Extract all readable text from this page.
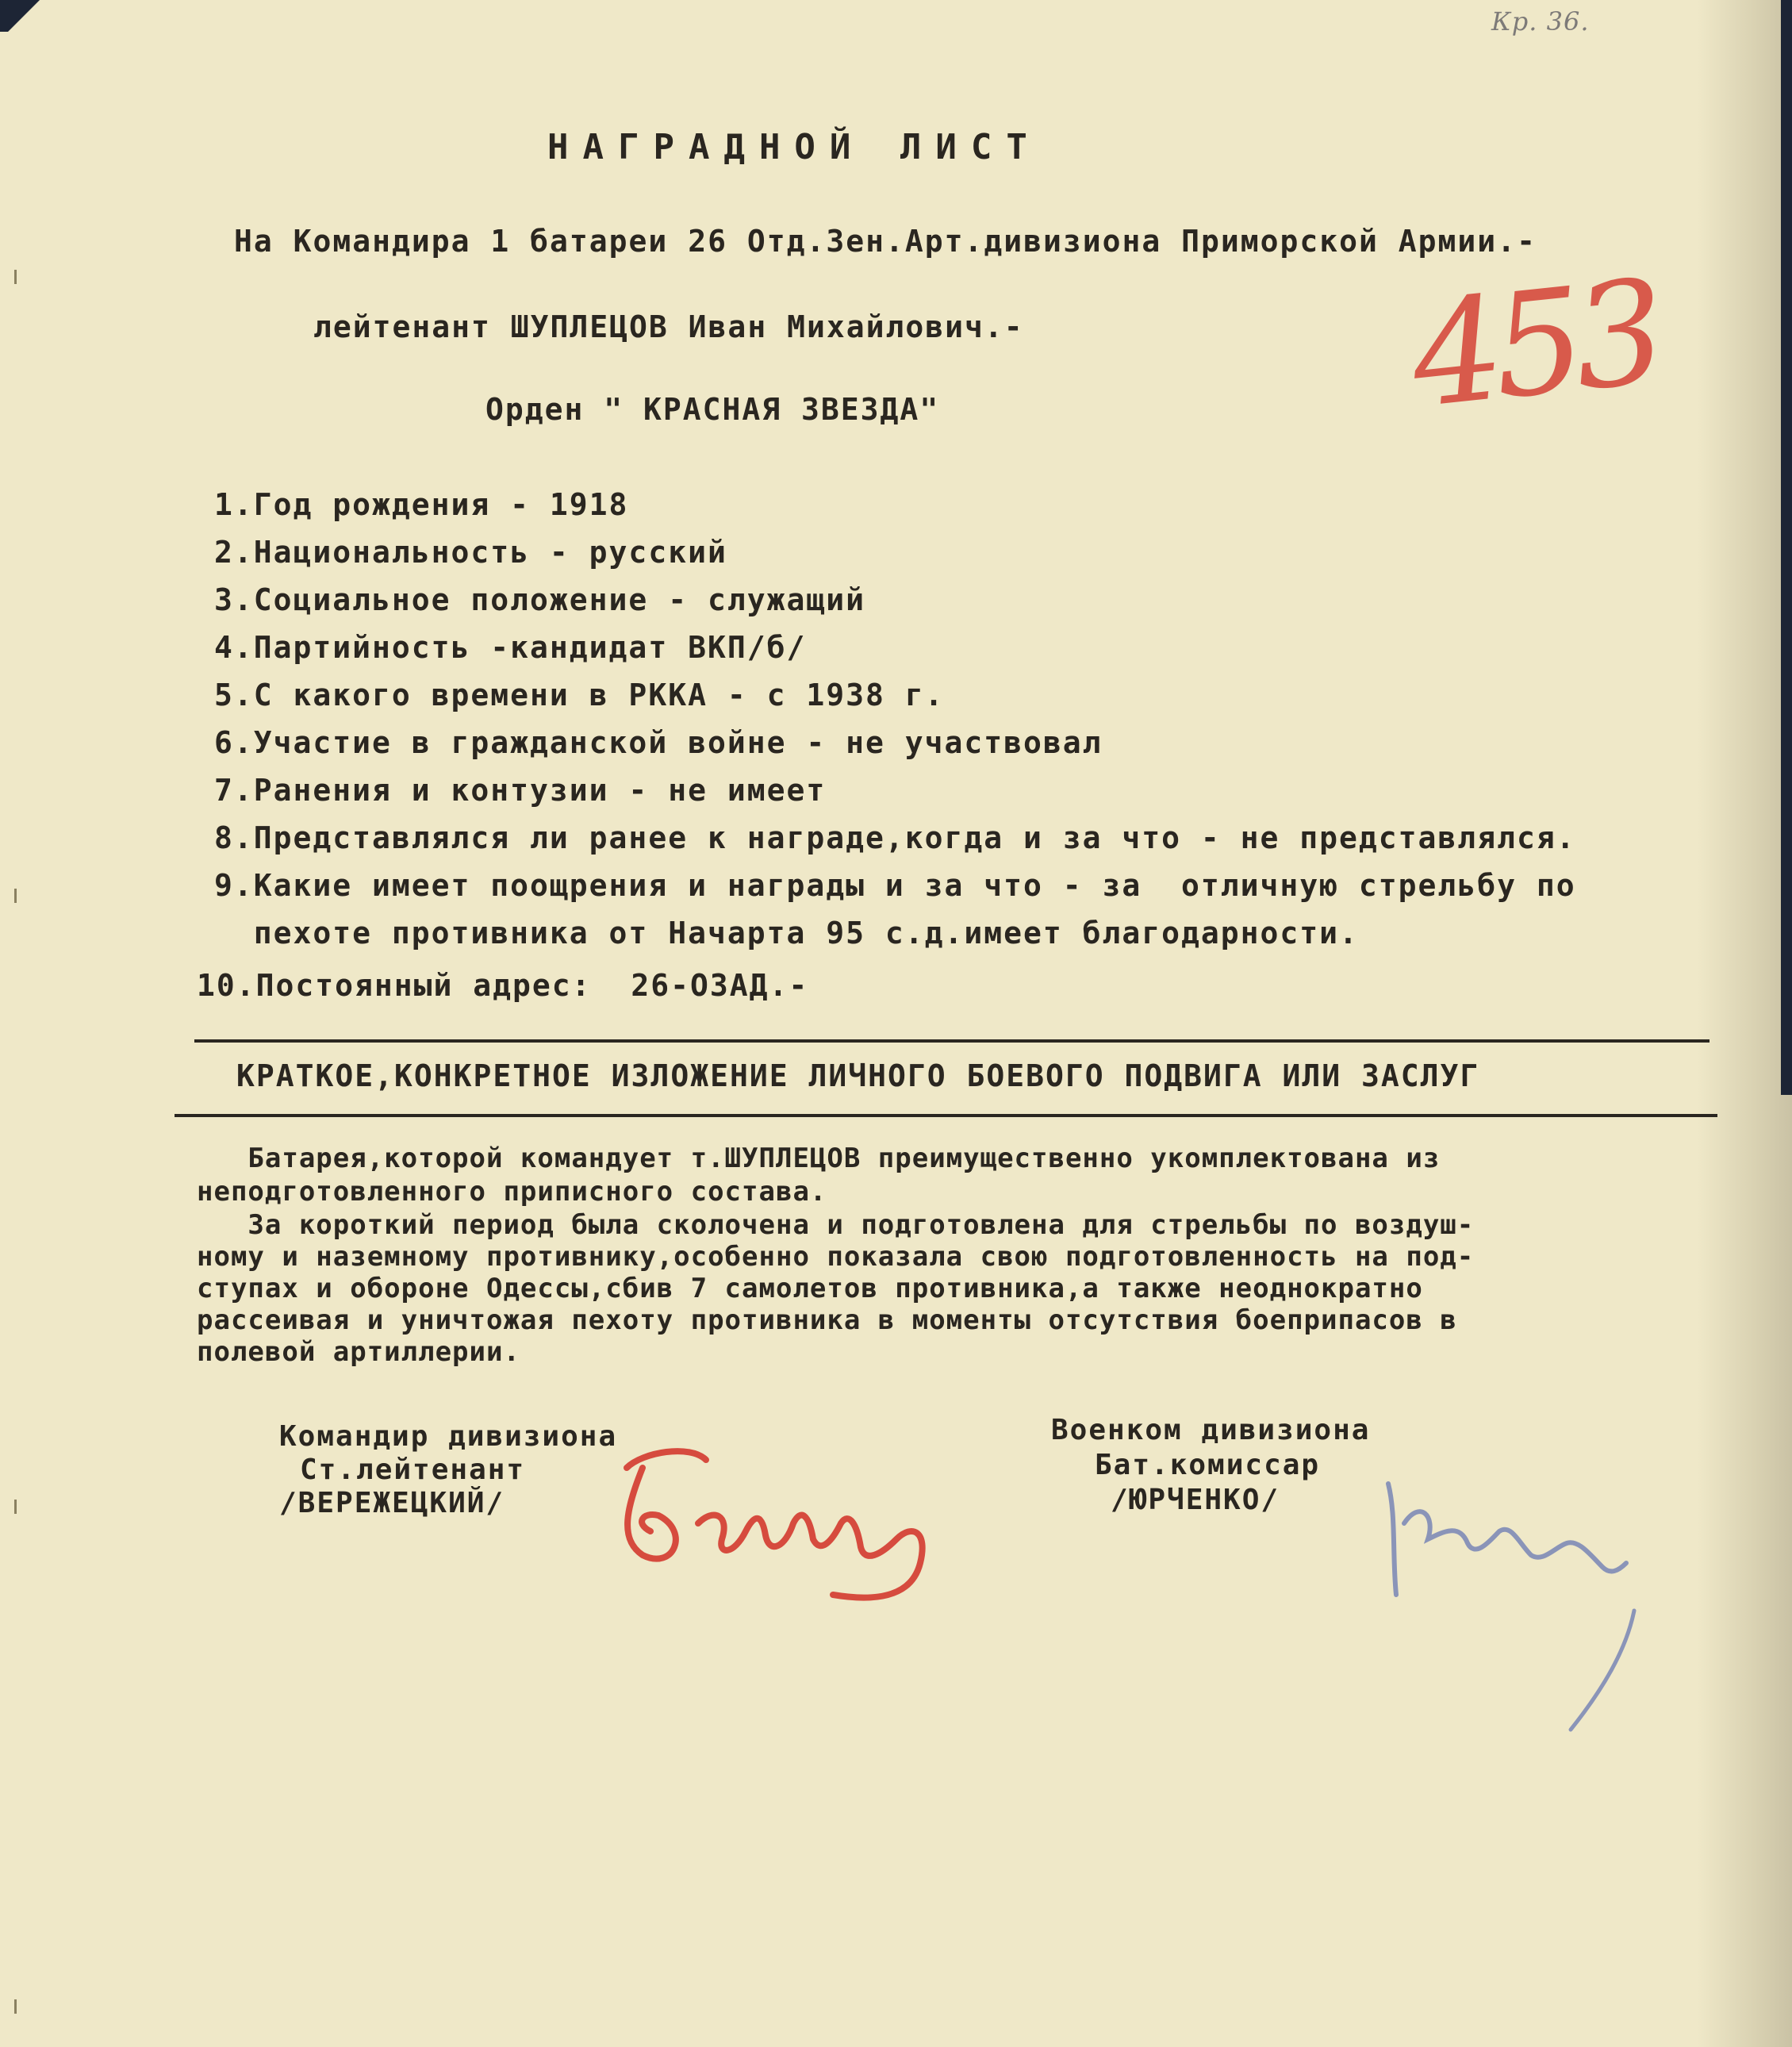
Кр. 36.
НАГРАДНОЙ ЛИСТ
На Командира 1 батареи 26 Отд.Зен.Арт.дивизиона Приморской Армии.-
лейтенант ШУПЛЕЦОВ Иван Михайлович.-
Орден " КРАСНАЯ ЗВЕЗДА"	453
1.Год рождения - 1918
2.Национальность - русский
3.Социальное положение - служащий
4.Партийность -кандидат ВКП/б/
5.С какого времени в РККА - с 1938 г.
6.Участие в гражданской войне - не участвовал
7.Ранения и контузии - не имеет
8.Представлялся ли ранее к награде,когда и за что - не представлялся.
9.Какие имеет поощрения и награды и за что - за  отличную стрельбу по
пехоте противника от Начарта 95 с.д.имеет благодарности.
10.Постоянный адрес:  26-ОЗАД.-
КРАТКОЕ,КОНКРЕТНОЕ ИЗЛОЖЕНИЕ ЛИЧНОГО БОЕВОГО ПОДВИГА ИЛИ ЗАСЛУГ
Батарея,которой командует т.ШУПЛЕЦОВ преимущественно укомплектована из
неподготовленного приписного состава.
За короткий период была сколочена и подготовлена для стрельбы по воздуш-
ному и наземному противнику,особенно показала свою подготовленность на под-
ступах и обороне Одессы,сбив 7 самолетов противника,а также неоднократно
рассеивая и уничтожая пехоту противника в моменты отсутствия боеприпасов в
полевой артиллерии.
Командир дивизиона
Ст.лейтенант
/ВЕРЕЖЕЦКИЙ/
Военком дивизиона
Бат.комиссар
/ЮРЧЕНКО/
